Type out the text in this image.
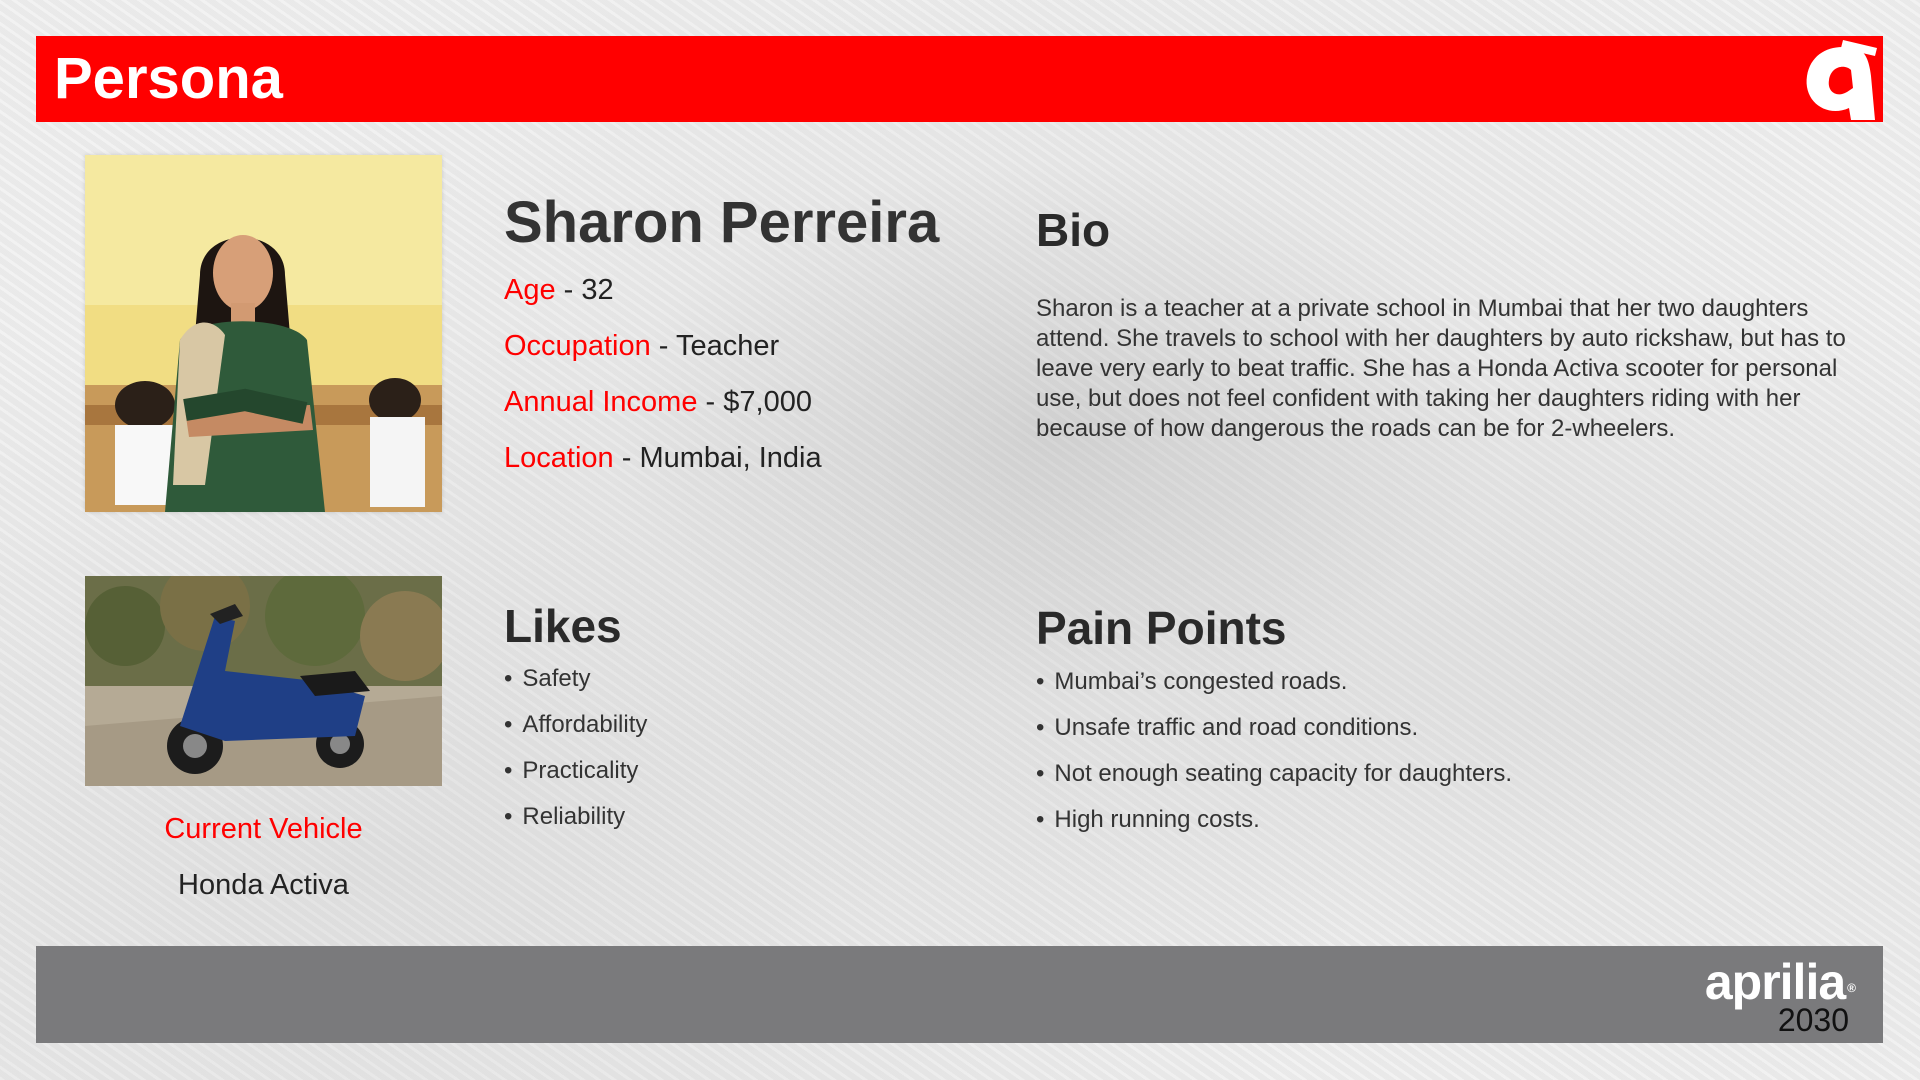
Persona
Sharon Perreira
Age - 32
Occupation - Teacher
Annual Income - $7,000
Location - Mumbai, India
Bio
Sharon is a teacher at a private school in Mumbai that her two daughters attend. She travels to school with her daughters by auto rickshaw, but has to leave very early to beat traffic. She has a Honda Activa scooter for personal use, but does not feel confident with taking her daughters riding with her because of how dangerous the roads can be for 2-wheelers.
Likes
• Safety
• Affordability
• Practicality
• Reliability
Pain Points
• Mumbai’s congested roads.
• Unsafe traffic and road conditions.
• Not enough seating capacity for daughters.
• High running costs.
Current Vehicle
Honda Activa
aprilia ®
2030
